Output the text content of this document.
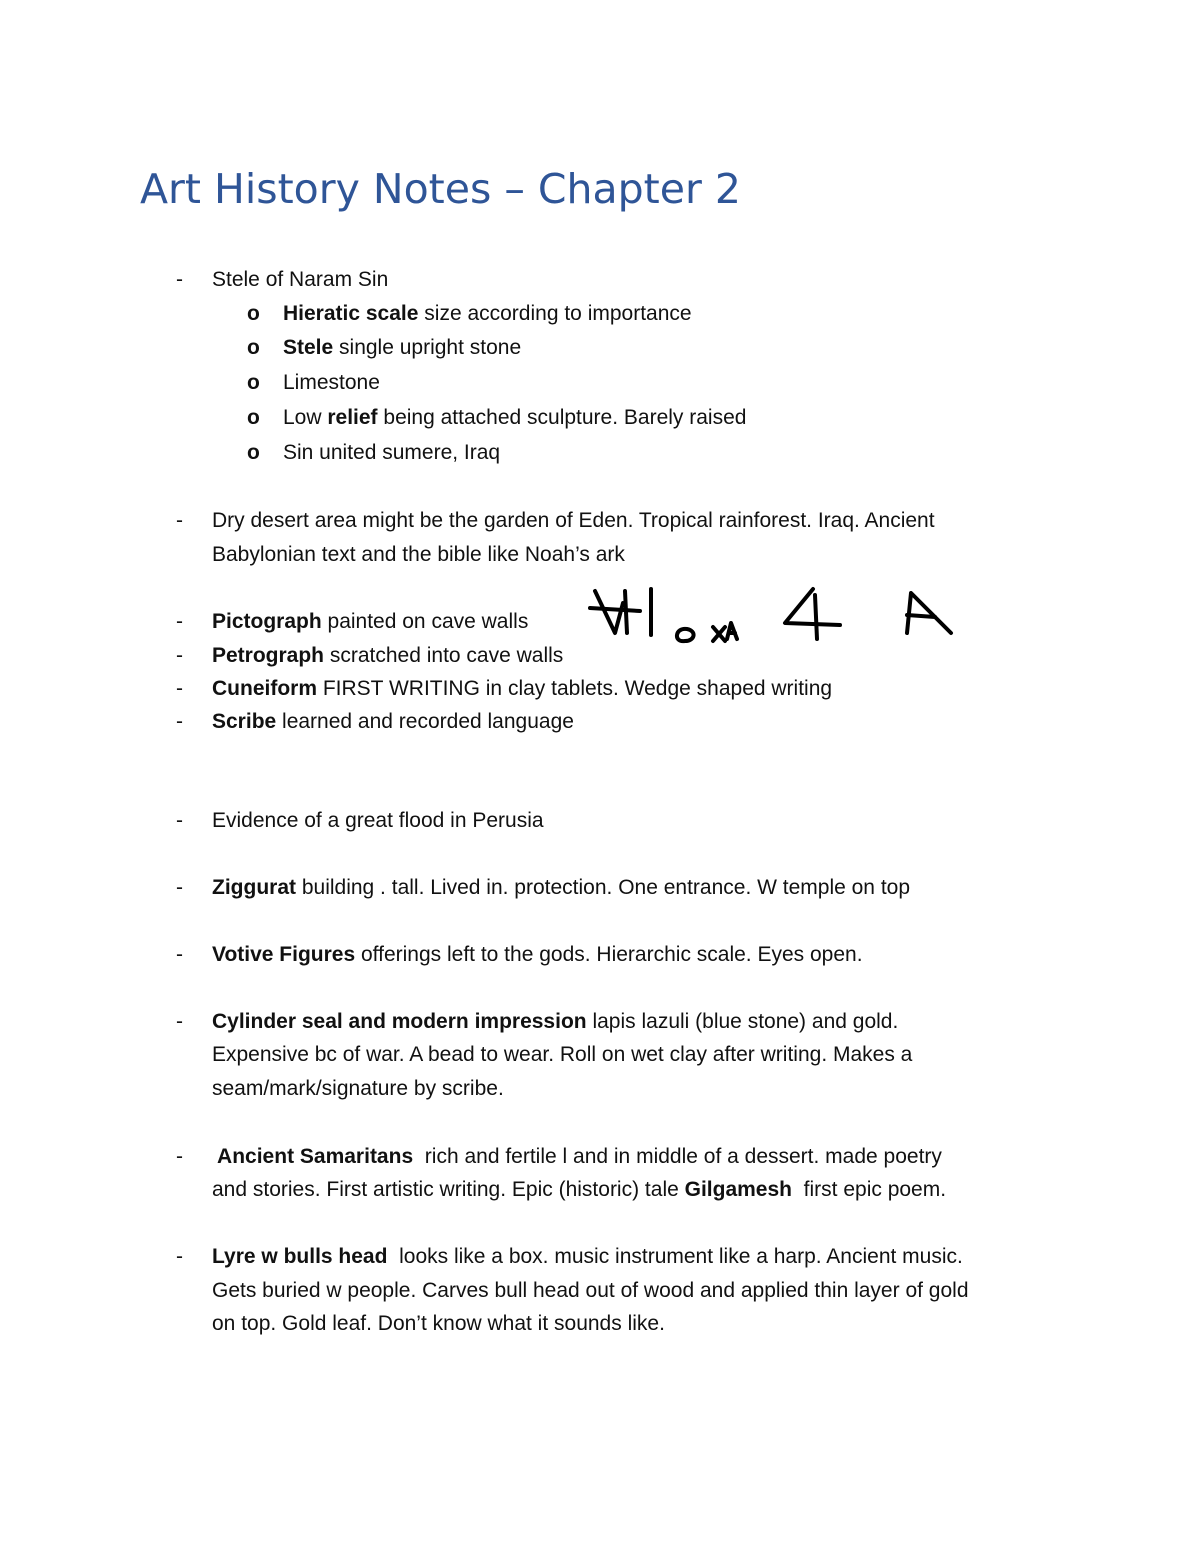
Art History Notes – Chapter 2
-	Stele of Naram Sin
o	Hieratic scale size according to importance
o	Stele single upright stone
o	Limestone
o	Low relief being attached sculpture. Barely raised
o	Sin united sumere, Iraq
-	Dry desert area might be the garden of Eden. Tropical rainforest. Iraq. Ancient
Babylonian text and the bible like Noah’s ark
-	Pictograph painted on cave walls
-	Petrograph scratched into cave walls
-	Cuneiform FIRST WRITING in clay tablets. Wedge shaped writing
-	Scribe learned and recorded language
-	Evidence of a great flood in Perusia
-	Ziggurat building . tall. Lived in. protection. One entrance. W temple on top
-	Votive Figures offerings left to the gods. Hierarchic scale. Eyes open.
-	Cylinder seal and modern impression lapis lazuli (blue stone) and gold.
Expensive bc of war. A bead to wear. Roll on wet clay after writing. Makes a
seam/mark/signature by scribe.
-	Ancient Samaritans  rich and fertile l and in middle of a dessert. made poetry
and stories. First artistic writing. Epic (historic) tale Gilgamesh  first epic poem.
-	Lyre w bulls head  looks like a box. music instrument like a harp. Ancient music.
Gets buried w people. Carves bull head out of wood and applied thin layer of gold
on top. Gold leaf. Don’t know what it sounds like.
